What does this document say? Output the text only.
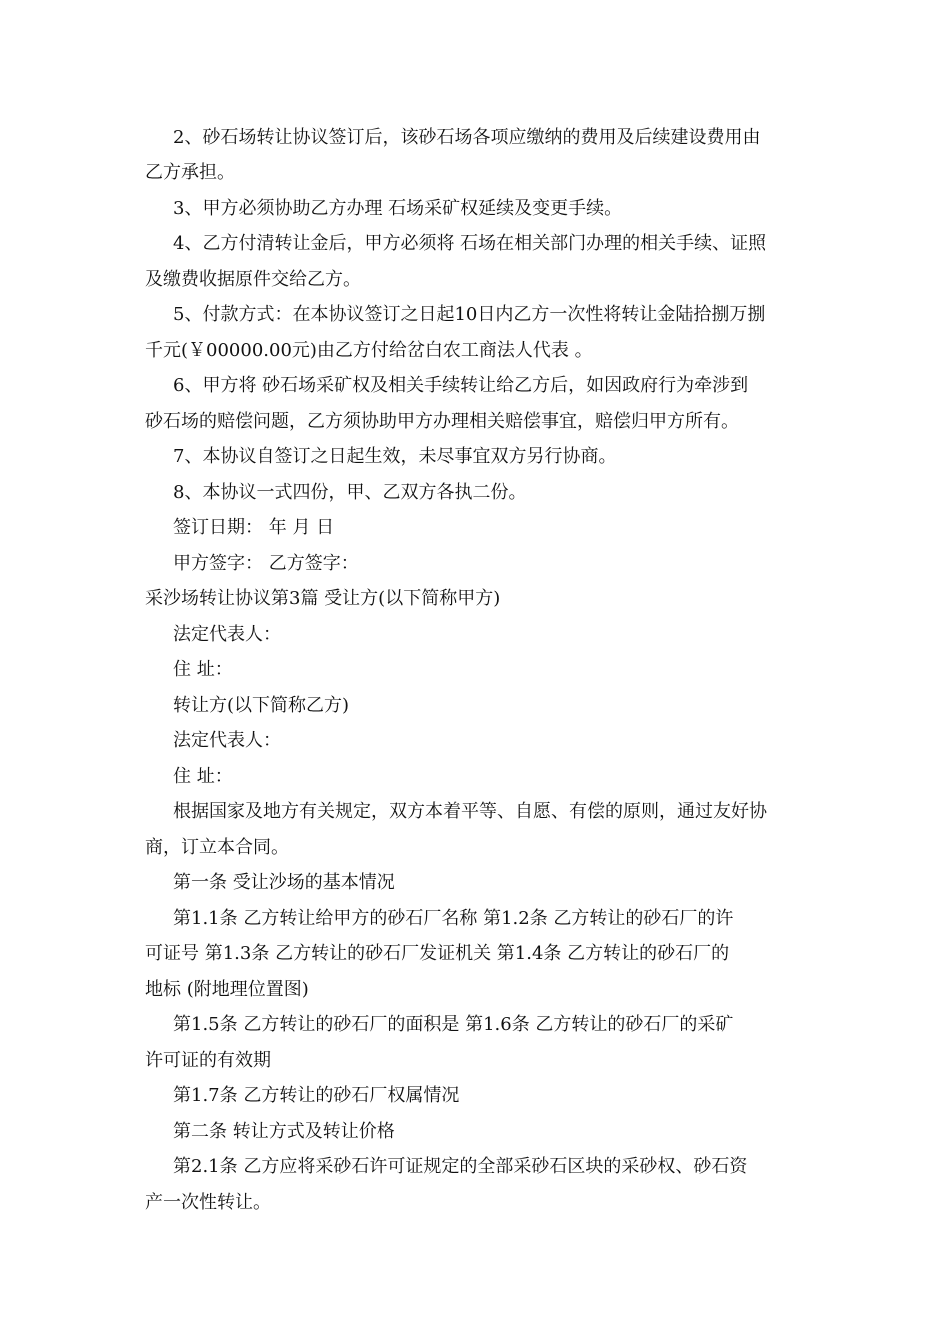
2、砂石场转让协议签订后，该砂石场各项应缴纳的费用及后续建设费用由
乙方承担。
3、甲方必须协助乙方办理 石场采矿权延续及变更手续。
4、乙方付清转让金后，甲方必须将 石场在相关部门办理的相关手续、证照
及缴费收据原件交给乙方。
5、付款方式：在本协议签订之日起10日内乙方一次性将转让金陆拾捌万捌
千元(￥00000.00元)由乙方付给岔白农工商法人代表 。
6、甲方将 砂石场采矿权及相关手续转让给乙方后，如因政府行为牵涉到
砂石场的赔偿问题，乙方须协助甲方办理相关赔偿事宜，赔偿归甲方所有。
7、本协议自签订之日起生效，未尽事宜双方另行协商。
8、本协议一式四份，甲、乙双方各执二份。
签订日期： 年 月 日
甲方签字： 乙方签字：
采沙场转让协议第3篇 受让方(以下简称甲方)
法定代表人：
住 址：
转让方(以下简称乙方)
法定代表人：
住 址：
根据国家及地方有关规定，双方本着平等、自愿、有偿的原则，通过友好协
商，订立本合同。
第一条 受让沙场的基本情况
第1.1条 乙方转让给甲方的砂石厂名称 第1.2条 乙方转让的砂石厂的许
可证号 第1.3条 乙方转让的砂石厂发证机关 第1.4条 乙方转让的砂石厂的
地标 (附地理位置图)
第1.5条 乙方转让的砂石厂的面积是 第1.6条 乙方转让的砂石厂的采矿
许可证的有效期
第1.7条 乙方转让的砂石厂权属情况
第二条 转让方式及转让价格
第2.1条 乙方应将采砂石许可证规定的全部采砂石区块的采砂权、砂石资
产一次性转让。
